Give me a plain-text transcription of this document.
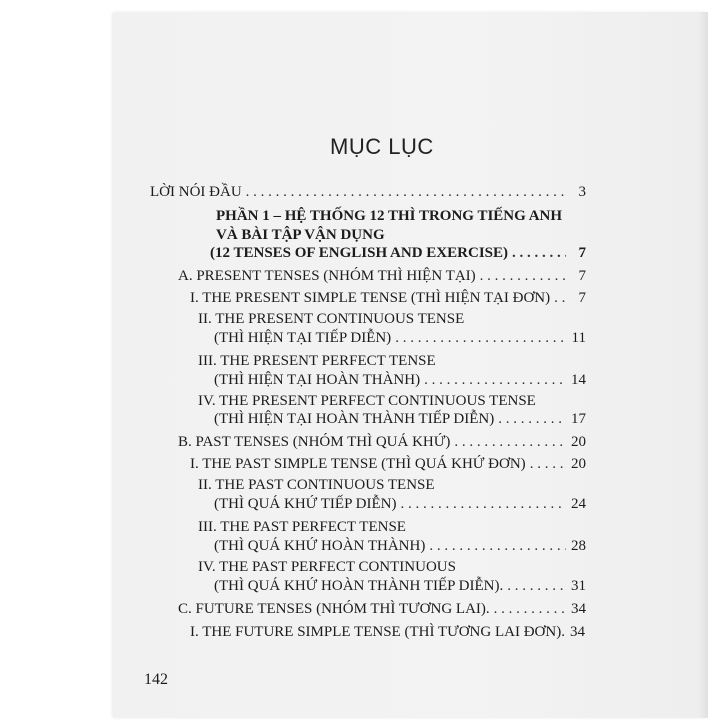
MỤC LỤC
LỜI NÓI ĐẦU . . .	3
PHẦN 1 – HỆ THỐNG 12 THÌ TRONG TIẾNG ANH
VÀ BÀI TẬP VẬN DỤNG
(12 TENSES OF ENGLISH AND EXERCISE) . . .	7
A. PRESENT TENSES (NHÓM THÌ HIỆN TẠI) . . .	7
I. THE PRESENT SIMPLE TENSE (THÌ HIỆN TẠI ĐƠN) . . .	7
II. THE PRESENT CONTINUOUS TENSE
(THÌ HIỆN TẠI TIẾP DIỄN) . . .	11
III. THE PRESENT PERFECT TENSE
(THÌ HIỆN TẠI HOÀN THÀNH) . . .	14
IV. THE PRESENT PERFECT CONTINUOUS TENSE
(THÌ HIỆN TẠI HOÀN THÀNH TIẾP DIỄN) . . .	17
B. PAST TENSES (NHÓM THÌ QUÁ KHỨ) . . .	20
I. THE PAST SIMPLE TENSE (THÌ QUÁ KHỨ ĐƠN) . . .	20
II. THE PAST CONTINUOUS TENSE
(THÌ QUÁ KHỨ TIẾP DIỄN) . . .	24
III. THE PAST PERFECT TENSE
(THÌ QUÁ KHỨ HOÀN THÀNH) . . .	28
IV. THE PAST PERFECT CONTINUOUS
(THÌ QUÁ KHỨ HOÀN THÀNH TIẾP DIỄN). . . .	31
C. FUTURE TENSES (NHÓM THÌ TƯƠNG LAI). . . .	34
I. THE FUTURE SIMPLE TENSE (THÌ TƯƠNG LAI ĐƠN). 34
142
